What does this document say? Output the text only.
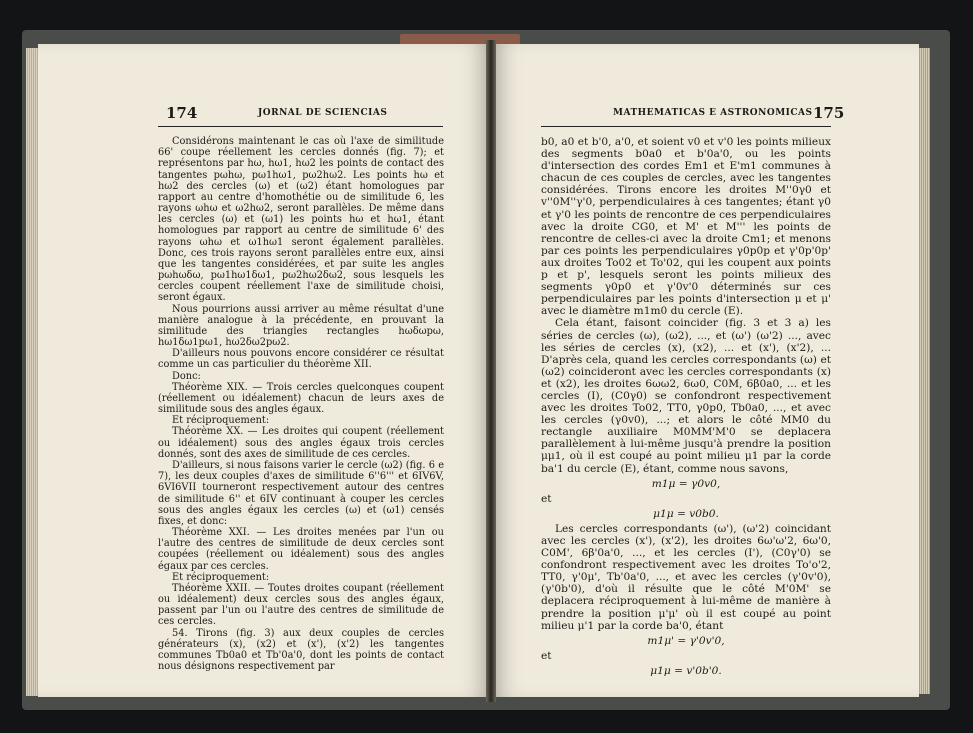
174	JORNAL DE SCIENCIAS

Considérons maintenant le cas où l'axe de similitude 66' coupe réellement les cercles donnés (fig. 7); et représentons par hω, hω1, hω2 les points de contact des tangentes pωhω, pω1hω1, pω2hω2. Les points hω et hω2 des cercles (ω) et (ω2) étant homologues par rapport au centre d'homothétie ou de similitude 6, les rayons ωhω et ω2hω2, seront parallèles. De même dans les cercles (ω) et (ω1) les points hω et hω1, étant homologues par rapport au centre de similitude 6' des rayons ωhω et ω1hω1 seront également parallèles. Donc, ces trois rayons seront parallèles entre eux, ainsi que les tangentes considérées, et par suite les angles pωhωδω, pω1hω1δω1, pω2hω2δω2, sous lesquels les cercles coupent réellement l'axe de similitude choisi, seront égaux.

Nous pourrions aussi arriver au même résultat d'une manière analogue à la précédente, en prouvant la similitude des triangles rectangles hωδωpω, hω1δω1pω1, hω2δω2pω2.

D'ailleurs nous pouvons encore considérer ce résultat comme un cas particulier du théorème XII.

Donc:

Théorème XIX. — Trois cercles quelconques coupent (réellement ou idéalement) chacun de leurs axes de similitude sous des angles égaux.

Et réciproquement:

Théorème XX. — Les droites qui coupent (réellement ou idéalement) sous des angles égaux trois cercles donnés, sont des axes de similitude de ces cercles.

D'ailleurs, si nous faisons varier le cercle (ω2) (fig. 6 e 7), les deux couples d'axes de similitude 6''6''' et 6IV6V, 6VI6VII tourneront respectivement autour des centres de similitude 6'' et 6IV continuant à couper les cercles sous des angles égaux les cercles (ω) et (ω1) censés fixes, et donc:

Théorème XXI. — Les droites menées par l'un ou l'autre des centres de similitude de deux cercles sont coupées (réellement ou idéalement) sous des angles égaux par ces cercles.

Et réciproquement:

Théorème XXII. — Toutes droites coupant (réellement ou idéalement) deux cercles sous des angles égaux, passent par l'un ou l'autre des centres de similitude de ces cercles.

54. Tirons (fig. 3) aux deux couples de cercles générateurs (x), (x2) et (x'), (x'2) les tangentes communes Tb0a0 et Tb'0a'0, dont les points de contact nous désignons respectivement par

MATHEMATICAS E ASTRONOMICAS 175

b0, a0 et b'0, a'0, et soient v0 et v'0 les points milieux des segments b0a0 et b'0a'0, ou les points d'intersection des cordes Em1 et E'm1 communes à chacun de ces couples de cercles, avec les tangentes considérées. Tirons encore les droites M''0γ0 et v''0M''γ'0, perpendiculaires à ces tangentes; étant γ0 et γ'0 les points de rencontre de ces perpendiculaires avec la droite CG0, et M' et M''' les points de rencontre de celles-ci avec la droite Cm1; et menons par ces points les perpendiculaires γ0p0p et γ'0p'0p' aux droites To02 et To'02, qui les coupent aux points p et p', lesquels seront les points milieux des segments γ0p0 et γ'0v'0 déterminés sur ces perpendiculaires par les points d'intersection μ et μ' avec le diamètre m1m0 du cercle (E).

Cela étant, faisont coincider (fig. 3 et 3 a) les séries de cercles (ω), (ω2), ..., et (ω') (ω'2) ..., avec les séries de cercles (x), (x2), ... et (x'), (x'2), ... D'après cela, quand les cercles correspondants (ω) et (ω2) coincideront avec les cercles correspondants (x) et (x2), les droites 6ωω2, 6ω0, C0M, 6β0a0, ... et les cercles (I), (C0γ0) se confondront respectivement avec les droites To02, TT0, γ0p0, Tb0a0, ..., et avec les cercles (γ0v0), ...; et alors le côté MM0 du rectangle auxiliaire M0MM'M'0 se deplacera parallèlement à lui-même jusqu'à prendre la position μμ1, où il est coupé au point milieu μ1 par la corde ba'1 du cercle (E), étant, comme nous savons,

m1μ = γ0v0,

et

μ1μ = v0b0.

Les cercles correspondants (ω'), (ω'2) coincidant avec les cercles (x'), (x'2), les droites 6ω'ω'2, 6ω'0, C0M', 6β'0a'0, ..., et les cercles (I'), (C0γ'0) se confondront respectivement avec les droites To'o'2, TT0, γ'0μ', Tb'0a'0, ..., et avec les cercles (γ'0v'0), (γ'0b'0), d'où il résulte que le côté M'0M' se deplacera réciproquement à lui-même de manière à prendre la position μ'μ' où il est coupé au point milieu μ'1 par la corde ba'0, étant

m1μ' = γ'0v'0,

et

μ1μ = v'0b'0.
